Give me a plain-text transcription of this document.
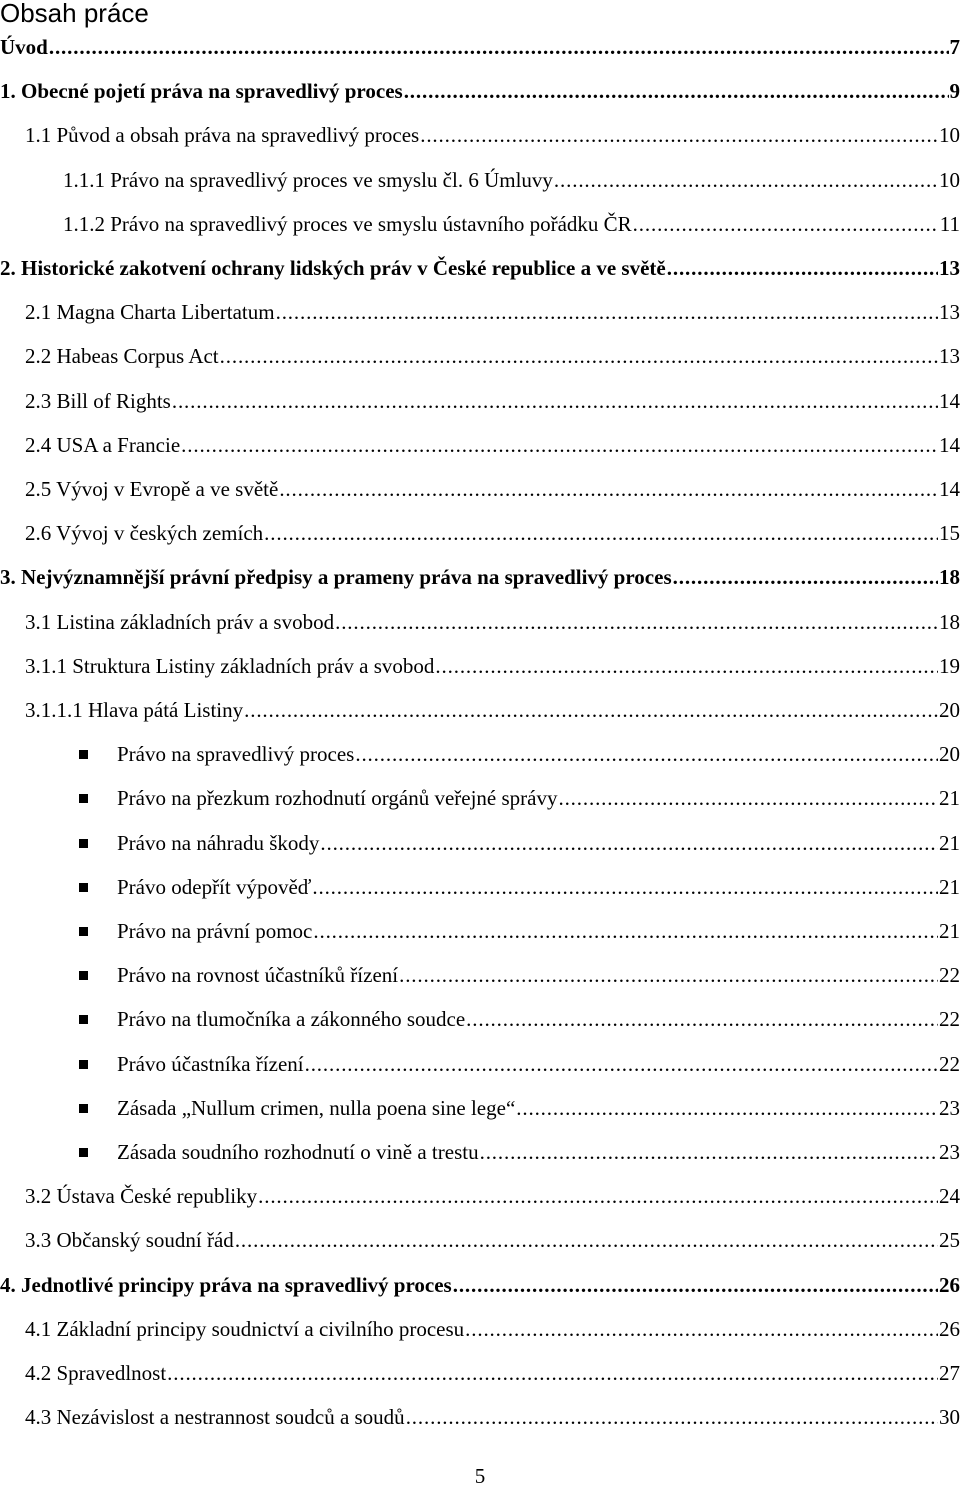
Obsah práce
Úvod . . .	7
1. Obecné pojetí práva na spravedlivý proces . . .	9
1.1 Původ a obsah práva na spravedlivý proces . . .	10
1.1.1 Právo na spravedlivý proces ve smyslu čl. 6 Úmluvy . . .	10
1.1.2 Právo na spravedlivý proces ve smyslu ústavního pořádku ČR . . .	11
2. Historické zakotvení ochrany lidských práv v České republice a ve světě . . .	13
2.1 Magna Charta Libertatum . . .	13
2.2 Habeas Corpus Act . . .	13
2.3 Bill of Rights . . .	14
2.4 USA a Francie . . .	14
2.5 Vývoj v Evropě a ve světě . . .	14
2.6 Vývoj v českých zemích . . .	15
3. Nejvýznamnější právní předpisy a prameny práva na spravedlivý proces . . .	18
3.1 Listina základních práv a svobod . . .	18
3.1.1 Struktura Listiny základních práv a svobod . . .	19
3.1.1.1 Hlava pátá Listiny . . .	20
Právo na spravedlivý proces . . .	20
Právo na přezkum rozhodnutí orgánů veřejné správy . . .	21
Právo na náhradu škody . . .	21
Právo odepřít výpověď . . .	21
Právo na právní pomoc . . .	21
Právo na rovnost účastníků řízení . . .	22
Právo na tlumočníka a zákonného soudce . . .	22
Právo účastníka řízení . . .	22
Zásada „Nullum crimen, nulla poena sine lege“ . . .	23
Zásada soudního rozhodnutí o vině a trestu . . .	23
3.2 Ústava České republiky . . .	24
3.3 Občanský soudní řád . . .	25
4. Jednotlivé principy práva na spravedlivý proces . . .	26
4.1 Základní principy soudnictví a civilního procesu . . .	26
4.2 Spravedlnost . . .	27
4.3 Nezávislost a nestrannost soudců a soudů . . .	30
5
